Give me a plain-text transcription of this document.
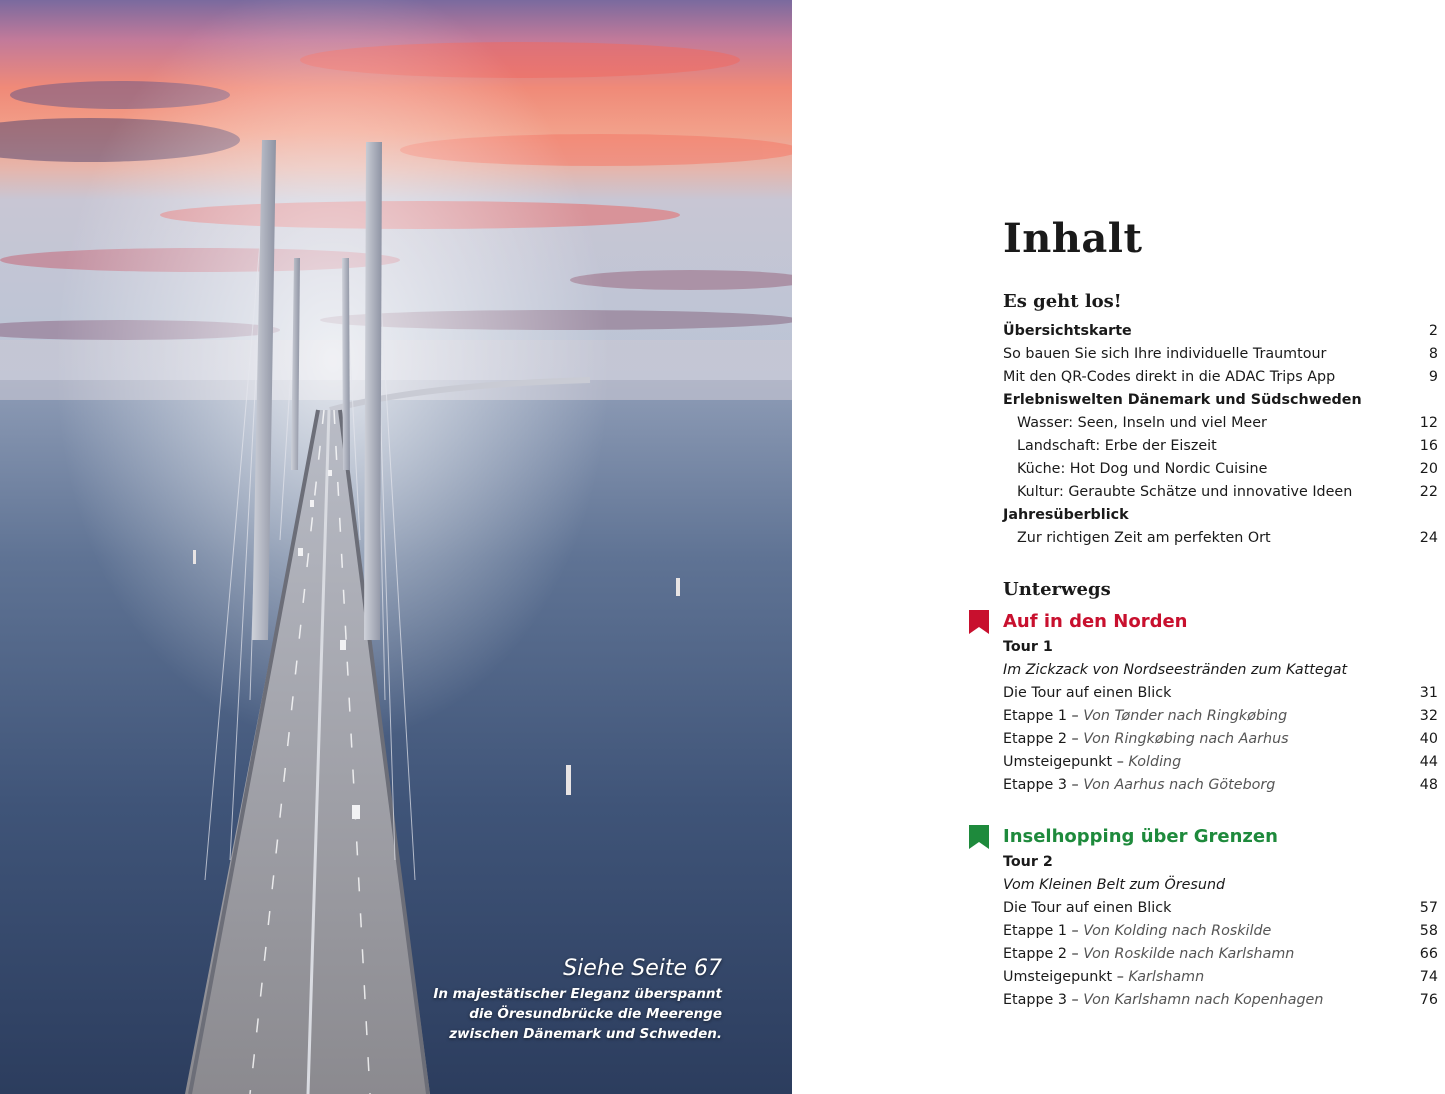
Siehe Seite 67

In majestätischer Eleganz überspannt
die Öresundbrücke die Meerenge
zwischen Dänemark und Schweden.

Inhalt
Es geht los!
Übersichtskarte	2
So bauen Sie sich Ihre individuelle Traumtour	8
Mit den QR-Codes direkt in die ADAC Trips App	9
Erlebniswelten Dänemark und Südschweden
Wasser: Seen, Inseln und viel Meer	12
Landschaft: Erbe der Eiszeit	16
Küche: Hot Dog und Nordic Cuisine	20
Kultur: Geraubte Schätze und innovative Ideen	22
Jahresüberblick
Zur richtigen Zeit am perfekten Ort	24
Unterwegs
Auf in den Norden
Tour 1
Im Zickzack von Nordseestränden zum Kattegat
Die Tour auf einen Blick	31
Etappe 1 – Von Tønder nach Ringkøbing	32
Etappe 2 – Von Ringkøbing nach Aarhus	40
Umsteigepunkt – Kolding	44
Etappe 3 – Von Aarhus nach Göteborg	48
Inselhopping über Grenzen
Tour 2
Vom Kleinen Belt zum Öresund
Die Tour auf einen Blick	57
Etappe 1 – Von Kolding nach Roskilde	58
Etappe 2 – Von Roskilde nach Karlshamn	66
Umsteigepunkt – Karlshamn	74
Etappe 3 – Von Karlshamn nach Kopenhagen	76
